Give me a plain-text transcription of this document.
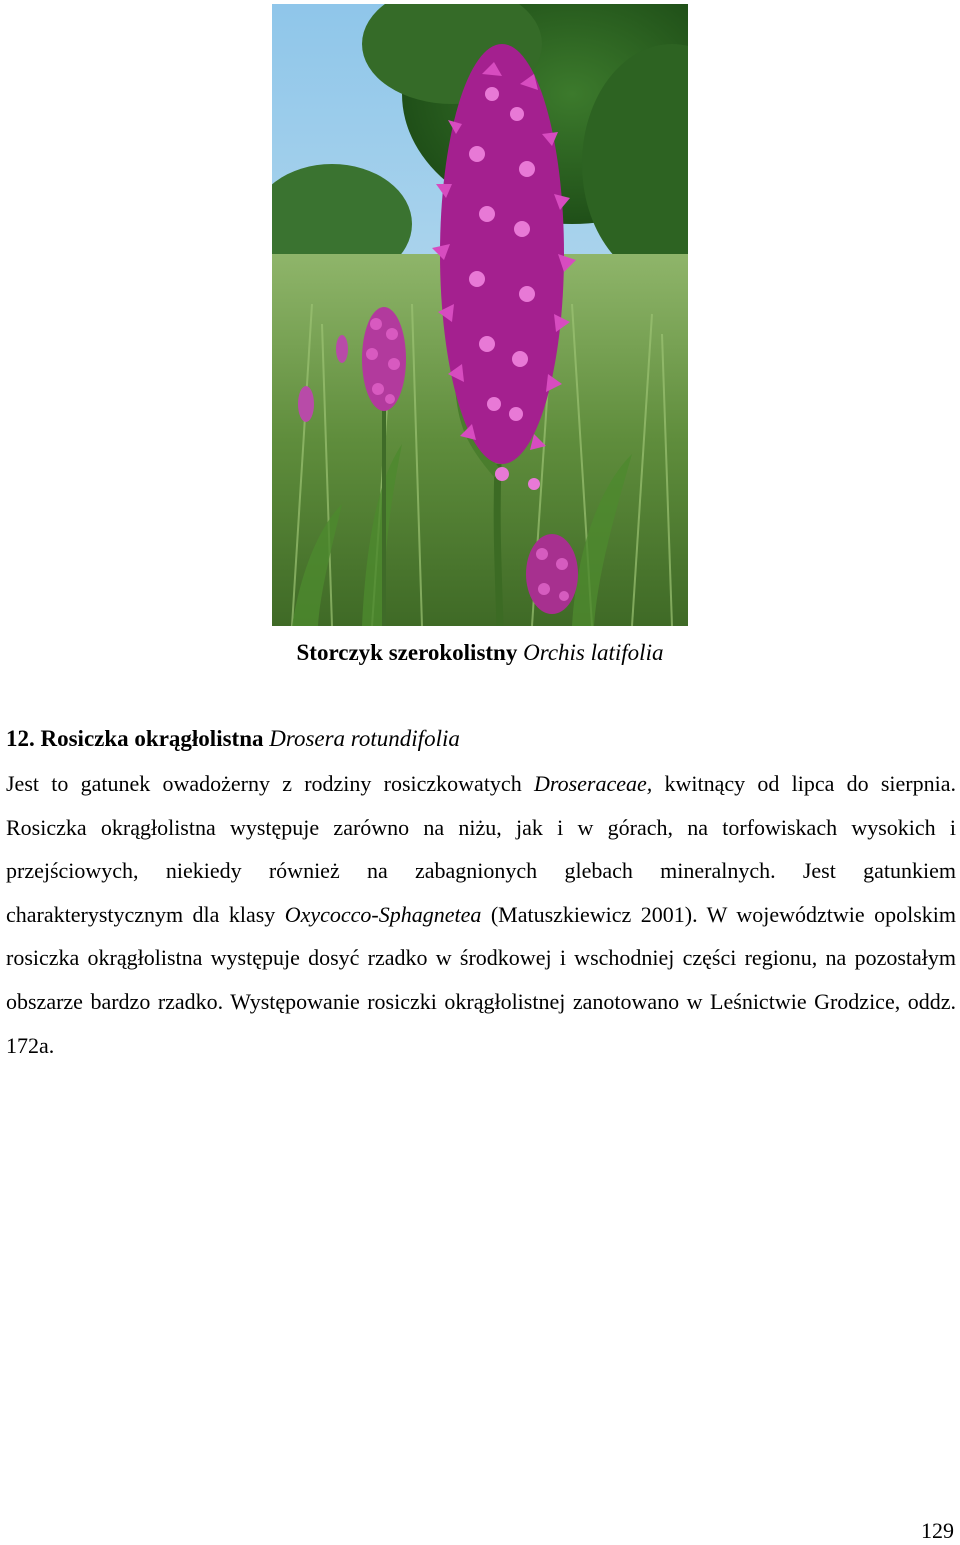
Storczyk szerokolistny Orchis latifolia
12. Rosiczka okrągłolistna Drosera rotundifolia

Jest to gatunek owadożerny z rodziny rosiczkowatych Droseraceae, kwitnący od lipca do sierpnia. Rosiczka okrągłolistna występuje zarówno na niżu, jak i w górach, na torfowiskach wysokich i przejściowych, niekiedy również na zabagnionych glebach mineralnych. Jest gatunkiem charakterystycznym dla klasy Oxycocco-Sphagnetea (Matuszkiewicz 2001). W województwie opolskim rosiczka okrągłolistna występuje dosyć rzadko w środkowej i wschodniej części regionu, na pozostałym obszarze bardzo rzadko. Występowanie rosiczki okrągłolistnej zanotowano w Leśnictwie Grodzice, oddz. 172a.

129
